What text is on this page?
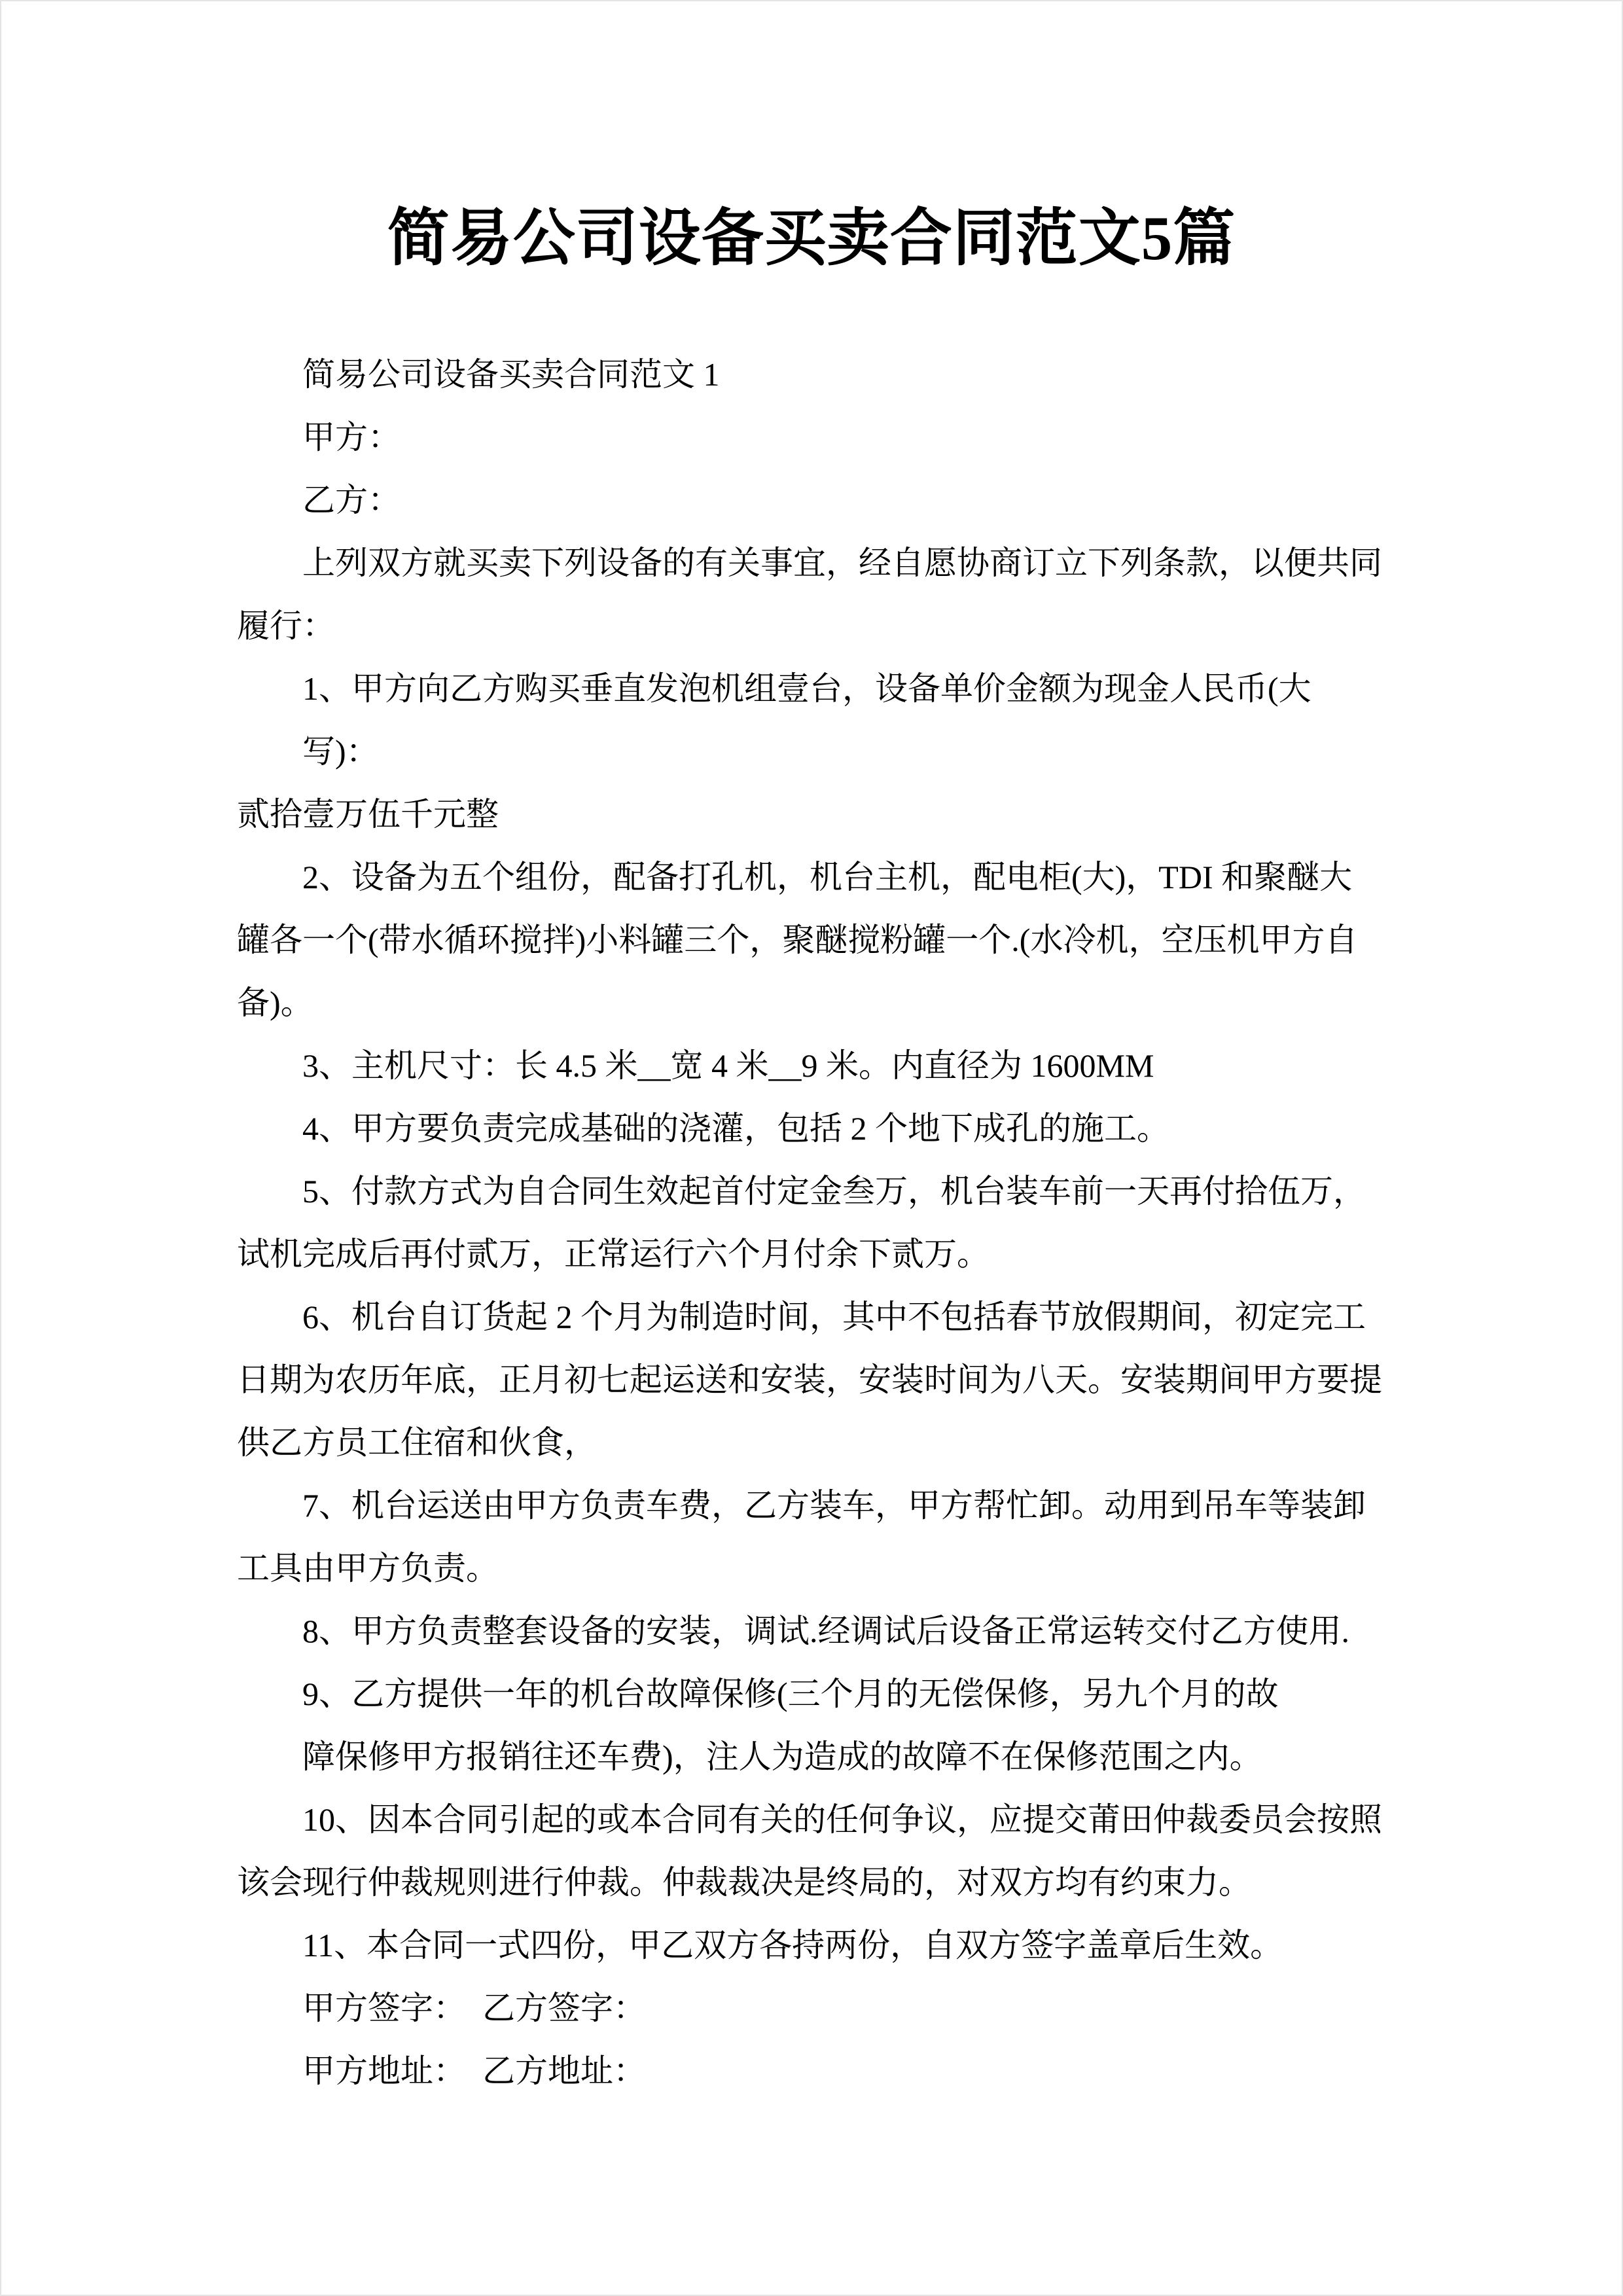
简易公司设备买卖合同范文5篇
简易公司设备买卖合同范文 1
甲方：
乙方：
上列双方就买卖下列设备的有关事宜，经自愿协商订立下列条款，以便共同
履行：
1、甲方向乙方购买垂直发泡机组壹台，设备单价金额为现金人民币(大写)：
贰拾壹万伍千元整
2、设备为五个组份，配备打孔机，机台主机，配电柜(大)，TDI 和聚醚大
罐各一个(带水循环搅拌)小料罐三个，聚醚搅粉罐一个.(水冷机，空压机甲方自
备)。
3、主机尺寸：长 4.5 米__宽 4 米__9 米。内直径为 1600MM
4、甲方要负责完成基础的浇灌，包括 2 个地下成孔的施工。
5、付款方式为自合同生效起首付定金叁万，机台装车前一天再付拾伍万，
试机完成后再付贰万，正常运行六个月付余下贰万。
6、机台自订货起 2 个月为制造时间，其中不包括春节放假期间，初定完工
日期为农历年底，正月初七起运送和安装，安装时间为八天。安装期间甲方要提
供乙方员工住宿和伙食，
7、机台运送由甲方负责车费，乙方装车，甲方帮忙卸。动用到吊车等装卸
工具由甲方负责。
8、甲方负责整套设备的安装，调试.经调试后设备正常运转交付乙方使用.
9、乙方提供一年的机台故障保修(三个月的无偿保修，另九个月的故
障保修甲方报销往还车费)，注人为造成的故障不在保修范围之内。
10、因本合同引起的或本合同有关的任何争议，应提交莆田仲裁委员会按照
该会现行仲裁规则进行仲裁。仲裁裁决是终局的，对双方均有约束力。
11、本合同一式四份，甲乙双方各持两份，自双方签字盖章后生效。
甲方签字：　乙方签字：
甲方地址：　乙方地址：
